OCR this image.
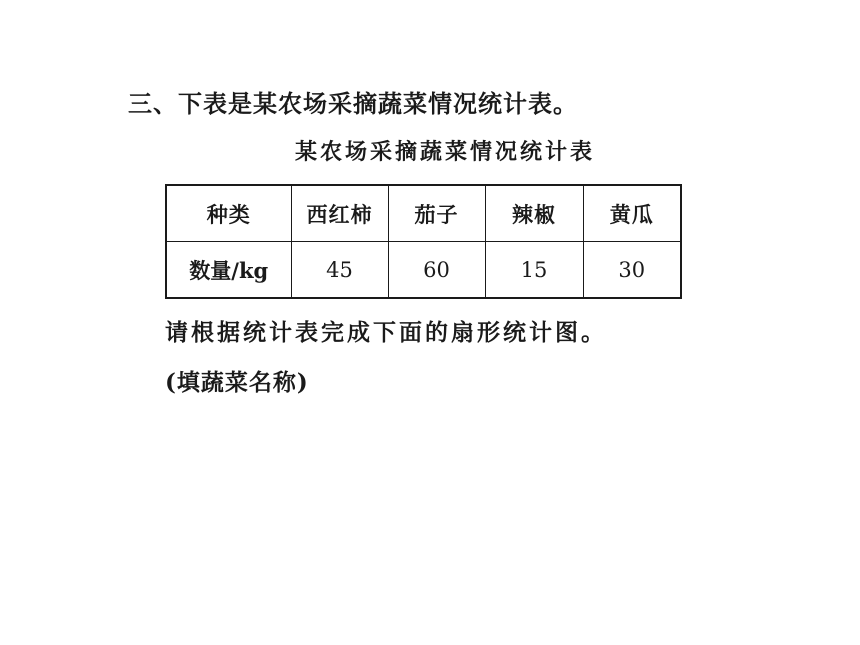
三、下表是某农场采摘蔬菜情况统计表。
某农场采摘蔬菜情况统计表
种类	西红柿	茄子	辣椒	黄瓜
数量/kg	45	60	15	30
请根据统计表完成下面的扇形统计图。
(填蔬菜名称)
